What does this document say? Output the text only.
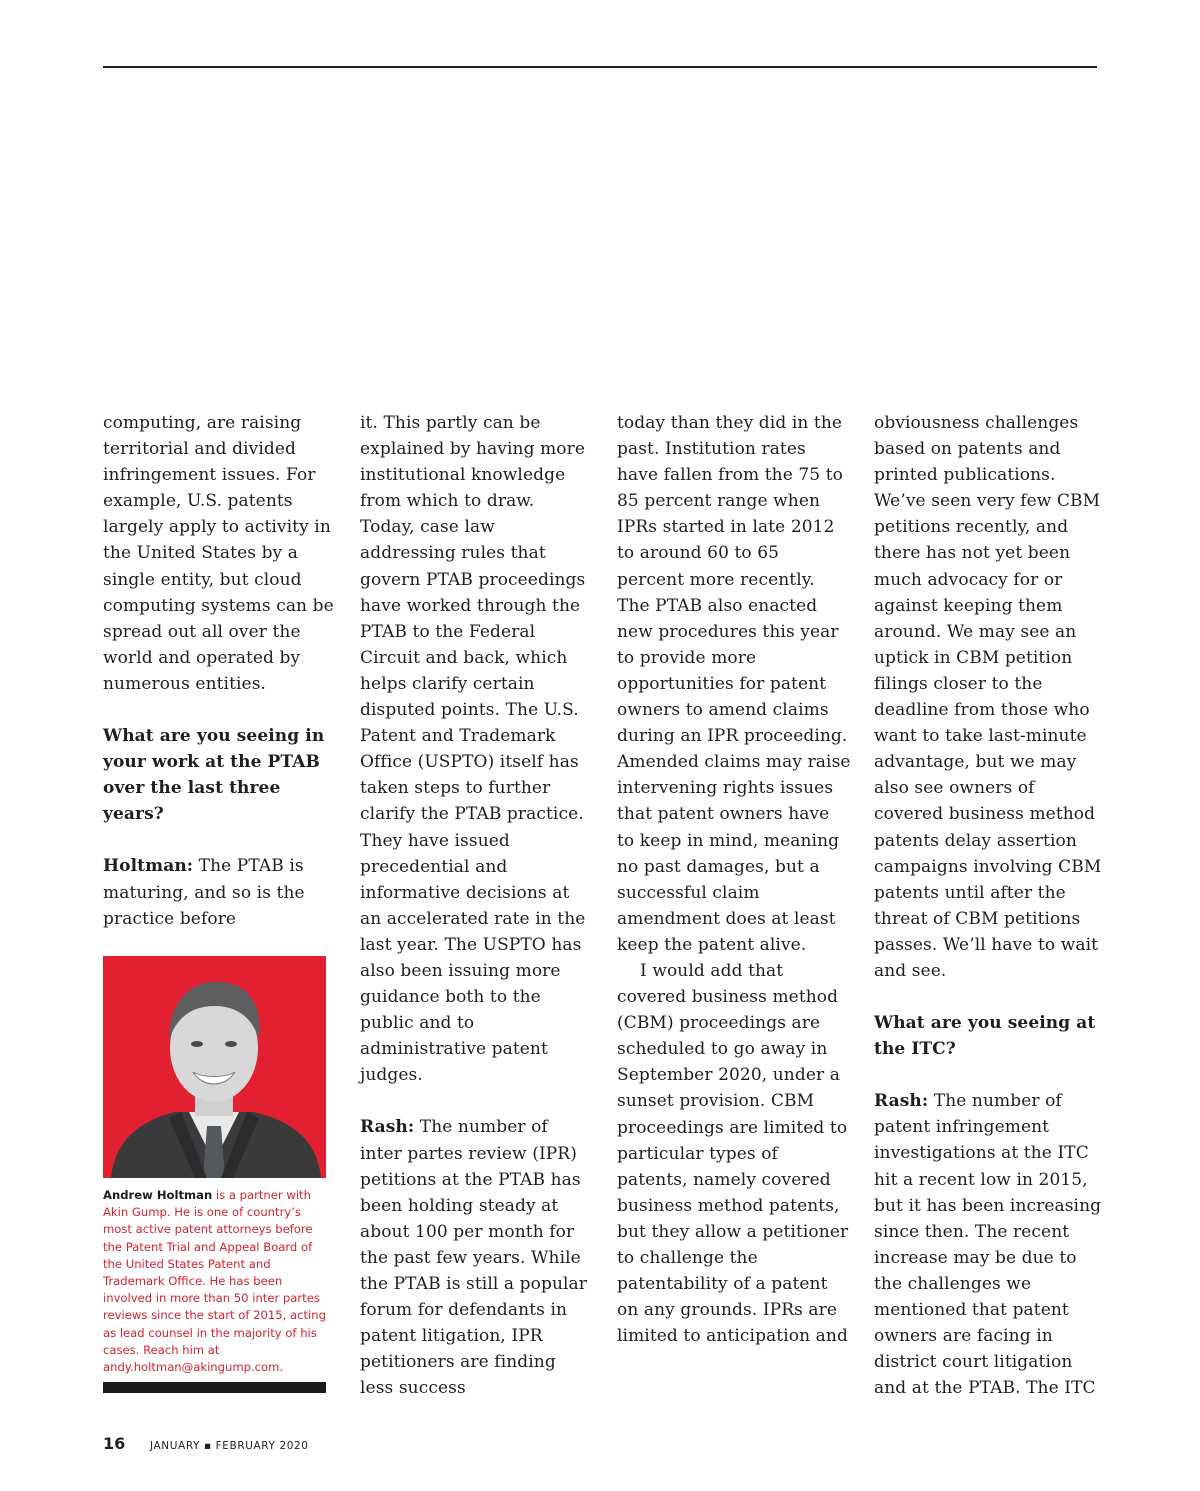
computing, are raising territorial and divided infringement issues. For example, U.S. patents largely apply to activity in the United States by a single entity, but cloud computing systems can be spread out all over the world and operated by numerous entities.

What are you seeing in your work at the PTAB over the last three years?

Holtman: The PTAB is maturing, and so is the practice before

Andrew Holtman is a partner with Akin Gump. He is one of country’s most active patent attorneys before the Patent Trial and Appeal Board of the United States Patent and Trademark Office. He has been involved in more than 50 inter partes reviews since the start of 2015, acting as lead counsel in the majority of his cases. Reach him at andy.holtman@akingump.com.

it. This partly can be explained by having more institutional knowledge from which to draw. Today, case law addressing rules that govern PTAB proceedings have worked through the PTAB to the Federal Circuit and back, which helps clarify certain disputed points. The U.S. Patent and Trademark Office (USPTO) itself has taken steps to further clarify the PTAB practice. They have issued precedential and informative decisions at an accelerated rate in the last year. The USPTO has also been issuing more guidance both to the public and to administrative patent judges.

Rash: The number of inter partes review (IPR) petitions at the PTAB has been holding steady at about 100 per month for the past few years. While the PTAB is still a popular forum for defendants in patent litigation, IPR petitioners are finding less success

today than they did in the past. Institution rates have fallen from the 75 to 85 percent range when IPRs started in late 2012 to around 60 to 65 percent more recently. The PTAB also enacted new procedures this year to provide more opportunities for patent owners to amend claims during an IPR proceeding. Amended claims may raise intervening rights issues that patent owners have to keep in mind, meaning no past damages, but a successful claim amendment does at least keep the patent alive.

I would add that covered business method (CBM) proceedings are scheduled to go away in September 2020, under a sunset provision. CBM proceedings are limited to particular types of patents, namely covered business method patents, but they allow a petitioner to challenge the patentability of a patent on any grounds. IPRs are limited to anticipation and

obviousness challenges based on patents and printed publications. We’ve seen very few CBM petitions recently, and there has not yet been much advocacy for or against keeping them around. We may see an uptick in CBM petition filings closer to the deadline from those who want to take last-minute advantage, but we may also see owners of covered business method patents delay assertion campaigns involving CBM patents until after the threat of CBM petitions passes. We’ll have to wait and see.

What are you seeing at the ITC?

Rash: The number of patent infringement investigations at the ITC hit a recent low in 2015, but it has been increasing since then. The recent increase may be due to the challenges we mentioned that patent owners are facing in district court litigation and at the PTAB. The ITC

16 JANUARY ▪ FEBRUARY 2020
